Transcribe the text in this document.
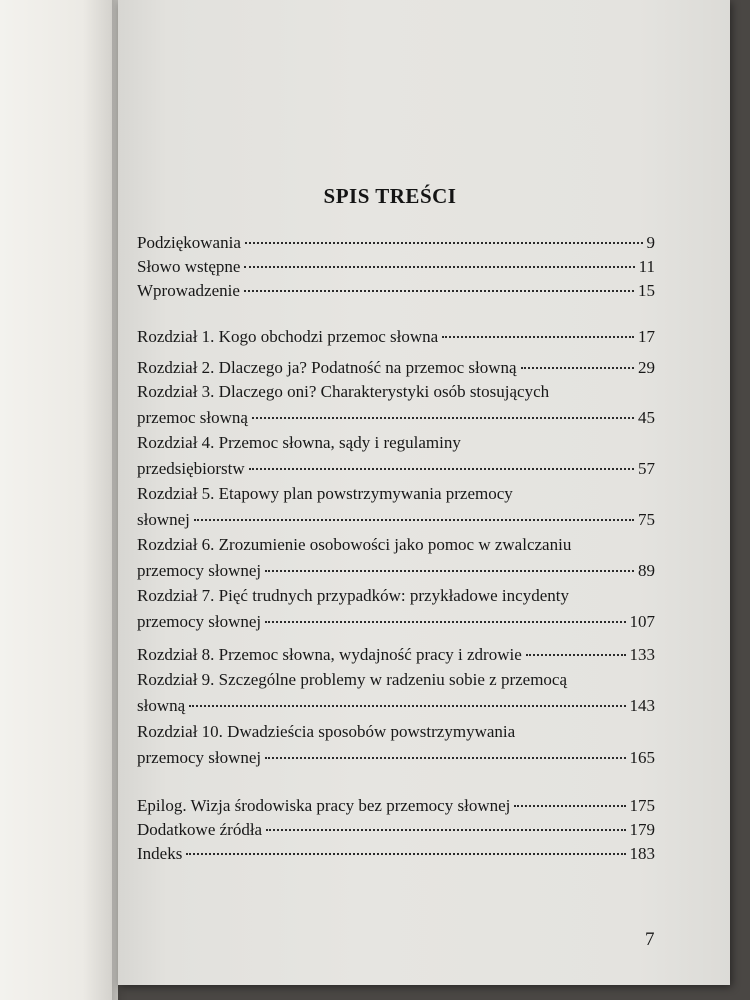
SPIS TREŚCI
Podziękowania	9
Słowo wstępne	11
Wprowadzenie	15
Rozdział 1. Kogo obchodzi przemoc słowna	17
Rozdział 2. Dlaczego ja? Podatność na przemoc słowną	29
Rozdział 3. Dlaczego oni? Charakterystyki osób stosujących
przemoc słowną	45
Rozdział 4. Przemoc słowna, sądy i regulaminy
przedsiębiorstw	57
Rozdział 5. Etapowy plan powstrzymywania przemocy
słownej	75
Rozdział 6. Zrozumienie osobowości jako pomoc w zwalczaniu
przemocy słownej	89
Rozdział 7. Pięć trudnych przypadków: przykładowe incydenty
przemocy słownej	107
Rozdział 8. Przemoc słowna, wydajność pracy i zdrowie	133
Rozdział 9. Szczególne problemy w radzeniu sobie z przemocą
słowną	143
Rozdział 10. Dwadzieścia sposobów powstrzymywania
przemocy słownej	165
Epilog. Wizja środowiska pracy bez przemocy słownej	175
Dodatkowe źródła	179
Indeks	183
7
